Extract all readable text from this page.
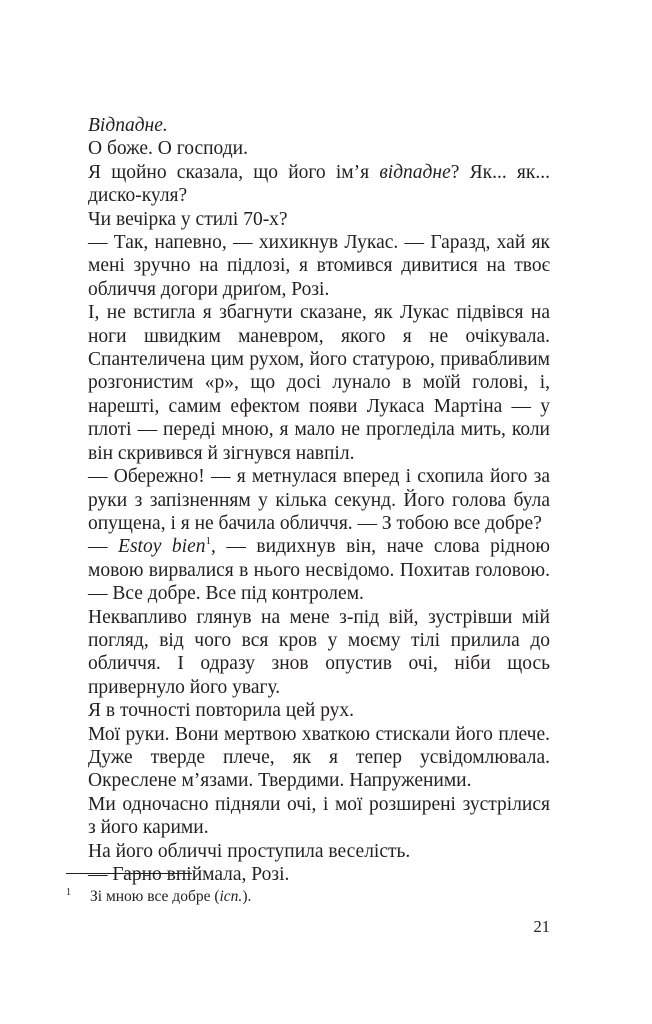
Відпадне.

О боже. О господи.

Я щойно сказала, що його ім’я відпадне? Як... як... диско-куля?

Чи вечірка у стилі 70-х?

— Так, напевно, — хихикнув Лукас. — Гаразд, хай як мені зручно на підлозі, я втомився дивитися на твоє обличчя догори дриґом, Розі.

І, не встигла я збагнути сказане, як Лукас підвівся на ноги швидким маневром, якого я не очікувала. Спантеличена цим рухом, його статурою, привабливим розгонистим «р», що досі лунало в моїй голові, і, нарешті, самим ефектом появи Лукаса Мартіна — у плоті — переді мною, я мало не прогледіла мить, коли він скривився й зігнувся навпіл.

— Обережно! — я метнулася вперед і схопила його за руки з запізненням у кілька секунд. Його голова була опущена, і я не бачила обличчя. — З тобою все добре?

— Estoy bien$^1$, — видихнув він, наче слова рідною мовою вирвалися в нього несвідомо. Похитав головою. — Все добре. Все під контролем.

Неквапливо глянув на мене з-під вій, зустрівши мій погляд, від чого вся кров у моєму тілі прилила до обличчя. І одразу знов опустив очі, ніби щось привернуло його увагу.

Я в точності повторила цей рух.

Мої руки. Вони мертвою хваткою стискали його плече. Дуже тверде плече, як я тепер усвідомлювала. Окреслене м’язами. Твердими. Напруженими.

Ми одночасно підняли очі, і мої розширені зустрілися з його карими.

На його обличчі проступила веселість.

— Гарно впіймала, Розі.

1 Зі мною все добре (ісп.).
21
